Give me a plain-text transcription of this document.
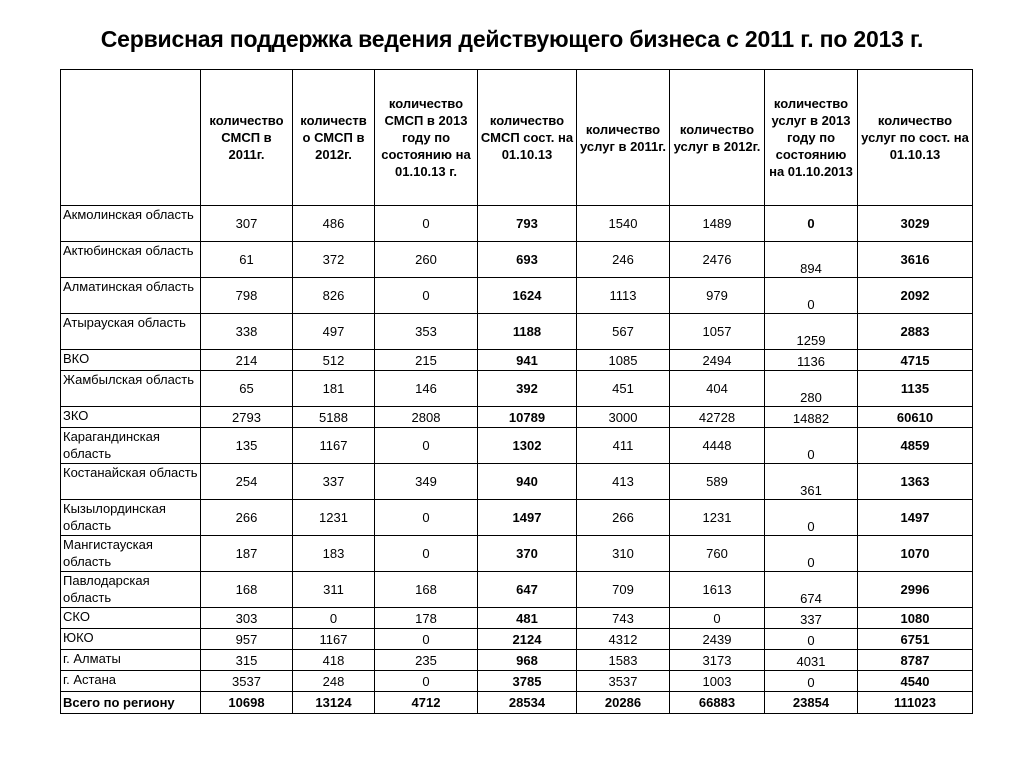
Сервисная поддержка ведения действующего бизнеса с 2011 г. по 2013 г.
	количество СМСП в 2011г.	количеств о СМСП в 2012г.	количество СМСП в 2013 году по состоянию на 01.10.13 г.	количество СМСП сост. на 01.10.13	количество услуг в 2011г.	количество услуг в 2012г.	количество услуг в 2013 году по состоянию на 01.10.2013	количество услуг по сост. на 01.10.13
Акмолинская область	307	486	0	793	1540	1489	0	3029
Актюбинская область	61	372	260	693	246	2476	894	3616
Алматинская область	798	826	0	1624	1113	979	0	2092
Атырауская область	338	497	353	1188	567	1057	1259	2883
ВКО	214	512	215	941	1085	2494	1136	4715
Жамбылская область	65	181	146	392	451	404	280	1135
ЗКО	2793	5188	2808	10789	3000	42728	14882	60610
Карагандинская область	135	1167	0	1302	411	4448	0	4859
Костанайская область	254	337	349	940	413	589	361	1363
Кызылординская область	266	1231	0	1497	266	1231	0	1497
Мангистауская область	187	183	0	370	310	760	0	1070
Павлодарская область	168	311	168	647	709	1613	674	2996
СКО	303	0	178	481	743	0	337	1080
ЮКО	957	1167	0	2124	4312	2439	0	6751
г. Алматы	315	418	235	968	1583	3173	4031	8787
г. Астана	3537	248	0	3785	3537	1003	0	4540
Всего по региону	10698	13124	4712	28534	20286	66883	23854	111023
